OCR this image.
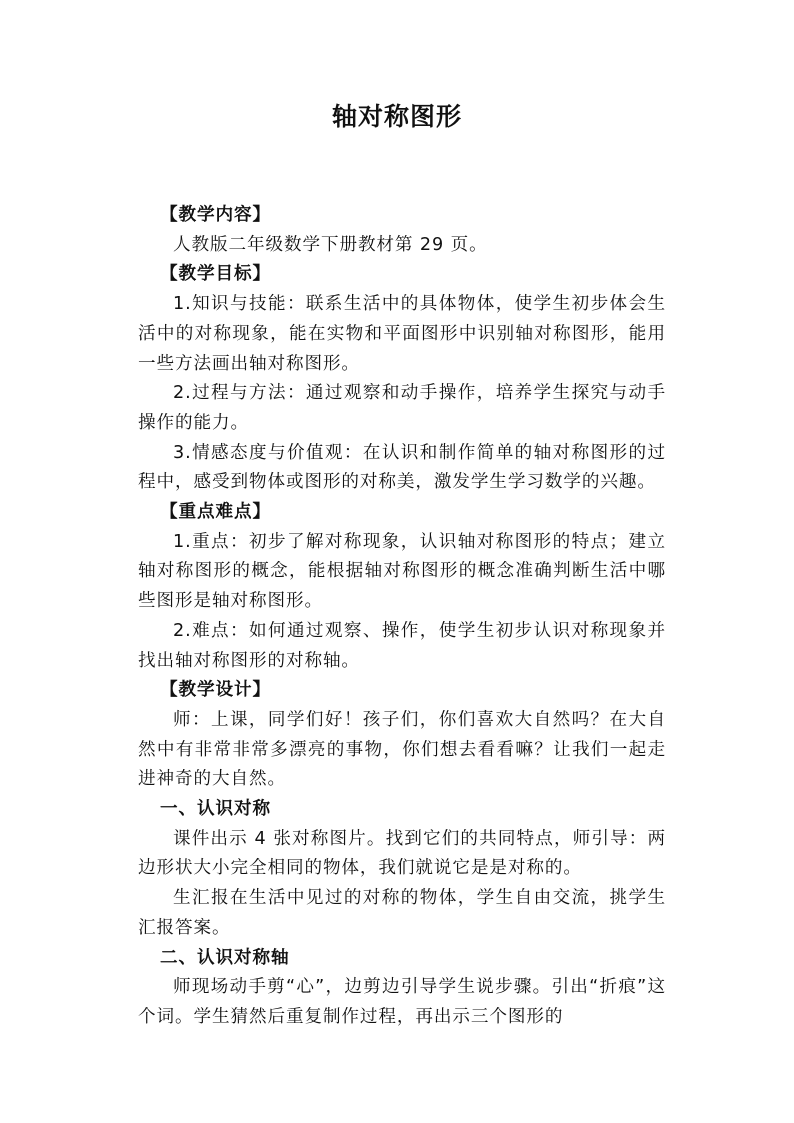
轴对称图形

【教学内容】

人教版二年级数学下册教材第 29 页。

【教学目标】

1.知识与技能：联系生活中的具体物体，使学生初步体会生活中的对称现象，能在实物和平面图形中识别轴对称图形，能用一些方法画出轴对称图形。

2.过程与方法：通过观察和动手操作，培养学生探究与动手操作的能力。

3.情感态度与价值观：在认识和制作简单的轴对称图形的过程中，感受到物体或图形的对称美，激发学生学习数学的兴趣。

【重点难点】

1.重点：初步了解对称现象，认识轴对称图形的特点；建立轴对称图形的概念，能根据轴对称图形的概念准确判断生活中哪些图形是轴对称图形。

2.难点：如何通过观察、操作，使学生初步认识对称现象并找出轴对称图形的对称轴。

【教学设计】

师：上课，同学们好！孩子们，你们喜欢大自然吗？在大自然中有非常非常多漂亮的事物，你们想去看看嘛？让我们一起走进神奇的大自然。

一、认识对称

课件出示 4 张对称图片。找到它们的共同特点，师引导：两边形状大小完全相同的物体，我们就说它是是对称的。

生汇报在生活中见过的对称的物体，学生自由交流，挑学生汇报答案。

二、认识对称轴

师现场动手剪“心”，边剪边引导学生说步骤。引出“折痕”这个词。学生猜然后重复制作过程，再出示三个图形的
